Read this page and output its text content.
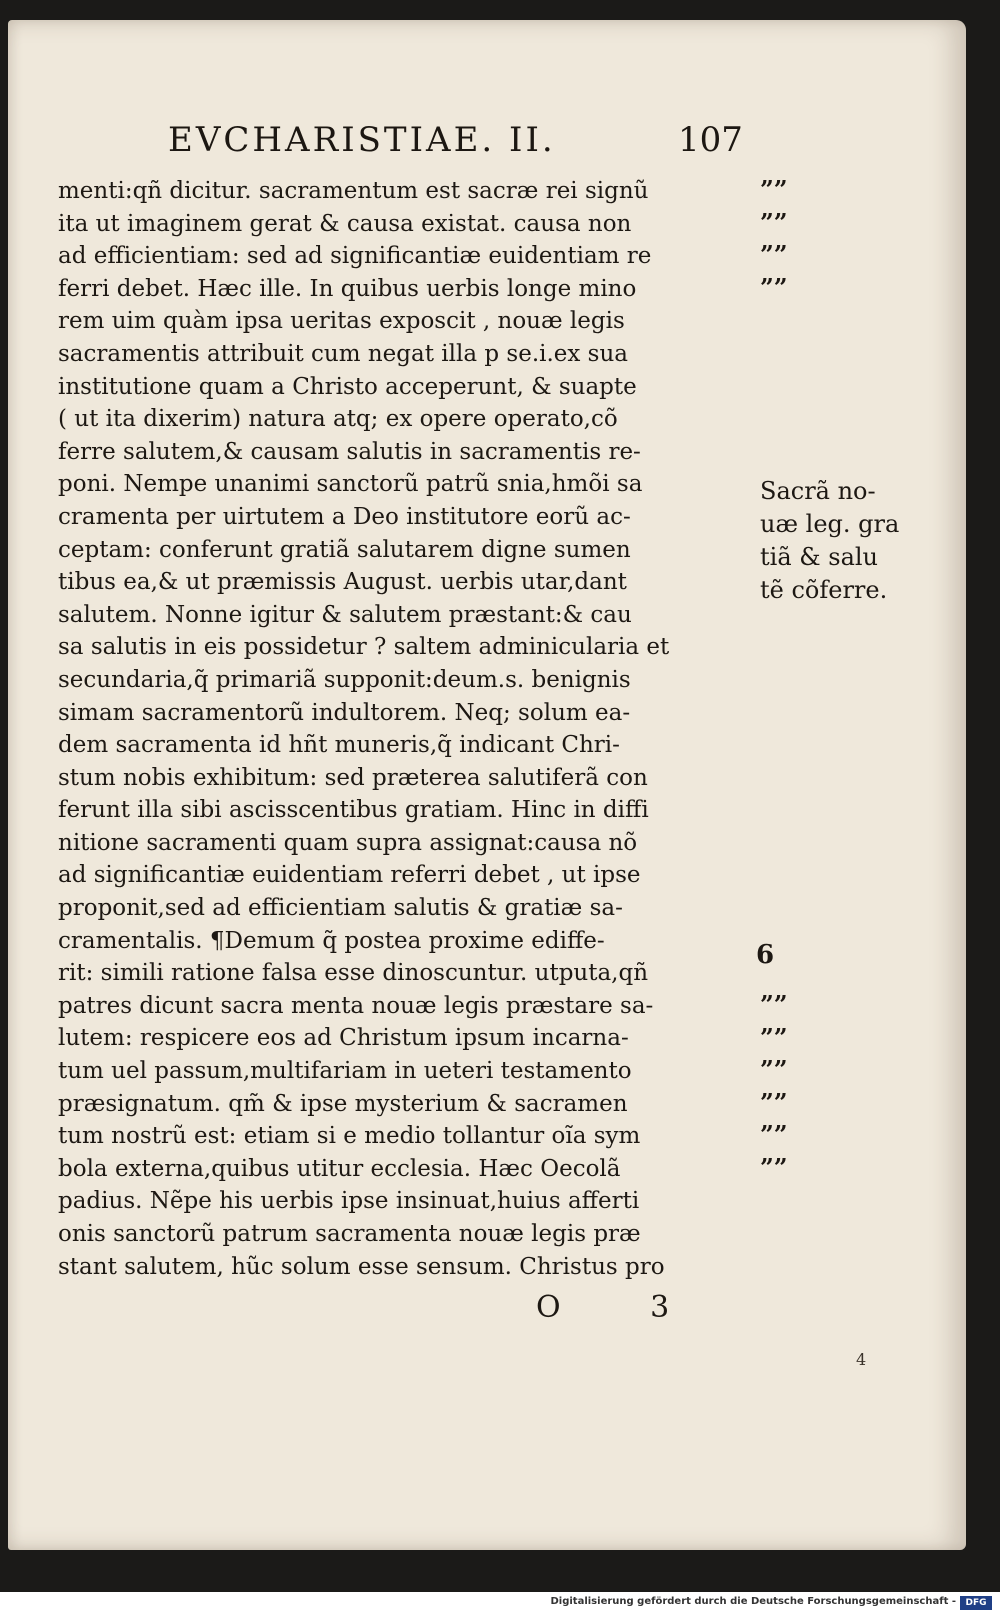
EVCHARISTIAE. II.	107
menti:qñ dicitur. sacramentum est sacræ rei signũ
ita ut imaginem gerat & causa existat. causa non
ad efficientiam: sed ad significantiæ euidentiam re
ferri debet. Hæc ille. In quibus uerbis longe mino
rem uim quàm ipsa ueritas exposcit , nouæ legis
sacramentis attribuit cum negat illa p se.i.ex sua
institutione quam a Christo acceperunt, & suapte
( ut ita dixerim) natura atq; ex opere operato,cõ
ferre salutem,& causam salutis in sacramentis re-
poni. Nempe unanimi sanctorũ patrũ snia,hmõi sa
cramenta per uirtutem a Deo institutore eorũ ac-
ceptam: conferunt gratiã salutarem digne sumen
tibus ea,& ut præmissis August. uerbis utar,dant
salutem. Nonne igitur & salutem præstant:& cau
sa salutis in eis possidetur ? saltem adminicularia et
secundaria,q̃ primariã supponit:deum.s. benignis
simam sacramentorũ indultorem. Neq; solum ea-
dem sacramenta id hñt muneris,q̃ indicant Chri-
stum nobis exhibitum: sed præterea salutiferã con
ferunt illa sibi ascisscentibus gratiam. Hinc in diffi
nitione sacramenti quam supra assignat:causa nõ
ad significantiæ euidentiam referri debet , ut ipse
proponit,sed ad efficientiam salutis & gratiæ sa-
cramentalis. ¶Demum q̃ postea proxime ediffe-
rit: simili ratione falsa esse dinoscuntur. utputa,qñ
patres dicunt sacra menta nouæ legis præstare sa-
lutem: respicere eos ad Christum ipsum incarna-
tum uel passum,multifariam in ueteri testamento
præsignatum. qm̃ & ipse mysterium & sacramen
tum nostrũ est: etiam si e medio tollantur oĩa sym
bola externa,quibus utitur ecclesia. Hæc Oecolã
padius. Nẽpe his uerbis ipse insinuat,huius afferti
onis sanctorũ patrum sacramenta nouæ legis præ
stant salutem, hũc solum esse sensum. Christus pro
””
””
””
””
””
””
””
””
””
””
Sacrã no-
uæ leg. gra
tiã & salu
tẽ cõferre.
6
O 3
4
Digitalisierung gefördert durch die Deutsche Forschungsgemeinschaft -	DFG
